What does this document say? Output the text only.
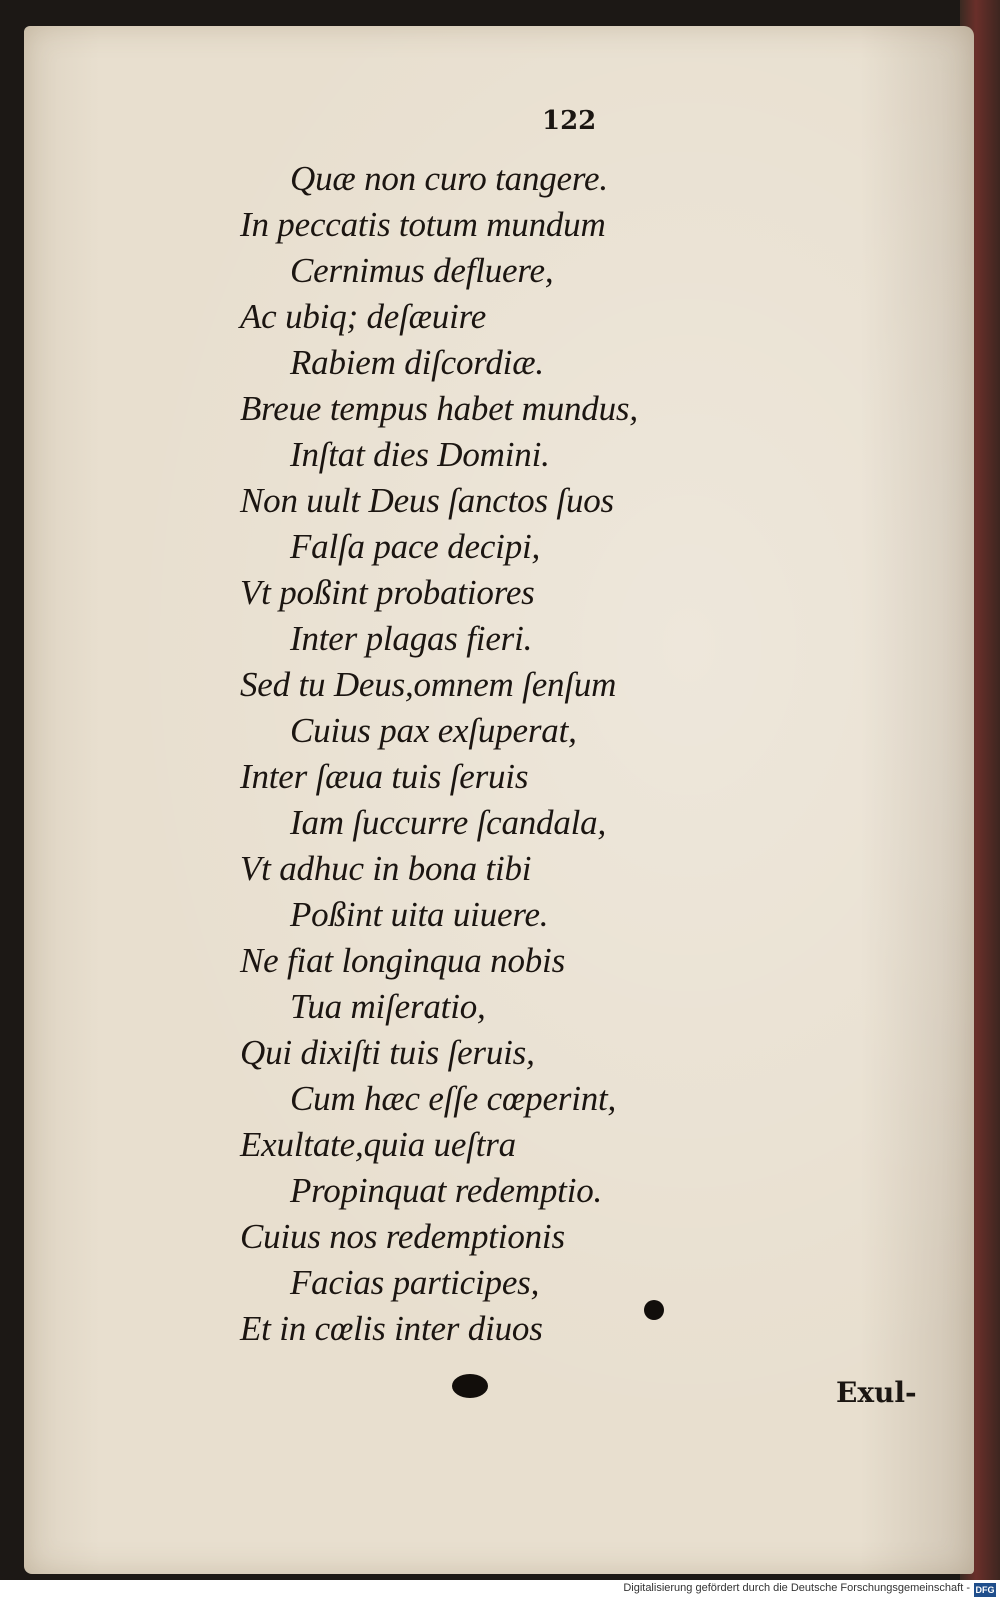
122
Quæ non curo tangere.
In peccatis totum mundum
Cernimus defluere,
Ac ubiq; deſæuire
Rabiem diſcordiæ.
Breue tempus habet mundus,
Inſtat dies Domini.
Non uult Deus ſanctos ſuos
Falſa pace decipi,
Vt poßint probatiores
Inter plagas fieri.
Sed tu Deus,omnem ſenſum
Cuius pax exſuperat,
Inter ſæua tuis ſeruis
Iam ſuccurre ſcandala,
Vt adhuc in bona tibi
Poßint uita uiuere.
Ne fiat longinqua nobis
Tua miſeratio,
Qui dixiſti tuis ſeruis,
Cum hæc eſſe cœperint,
Exultate,quia ueſtra
Propinquat redemptio.
Cuius nos redemptionis
Facias participes,
Et in cœlis inter diuos
Exul-
Digitalisierung gefördert durch die Deutsche Forschungsgemeinschaft - DFG
